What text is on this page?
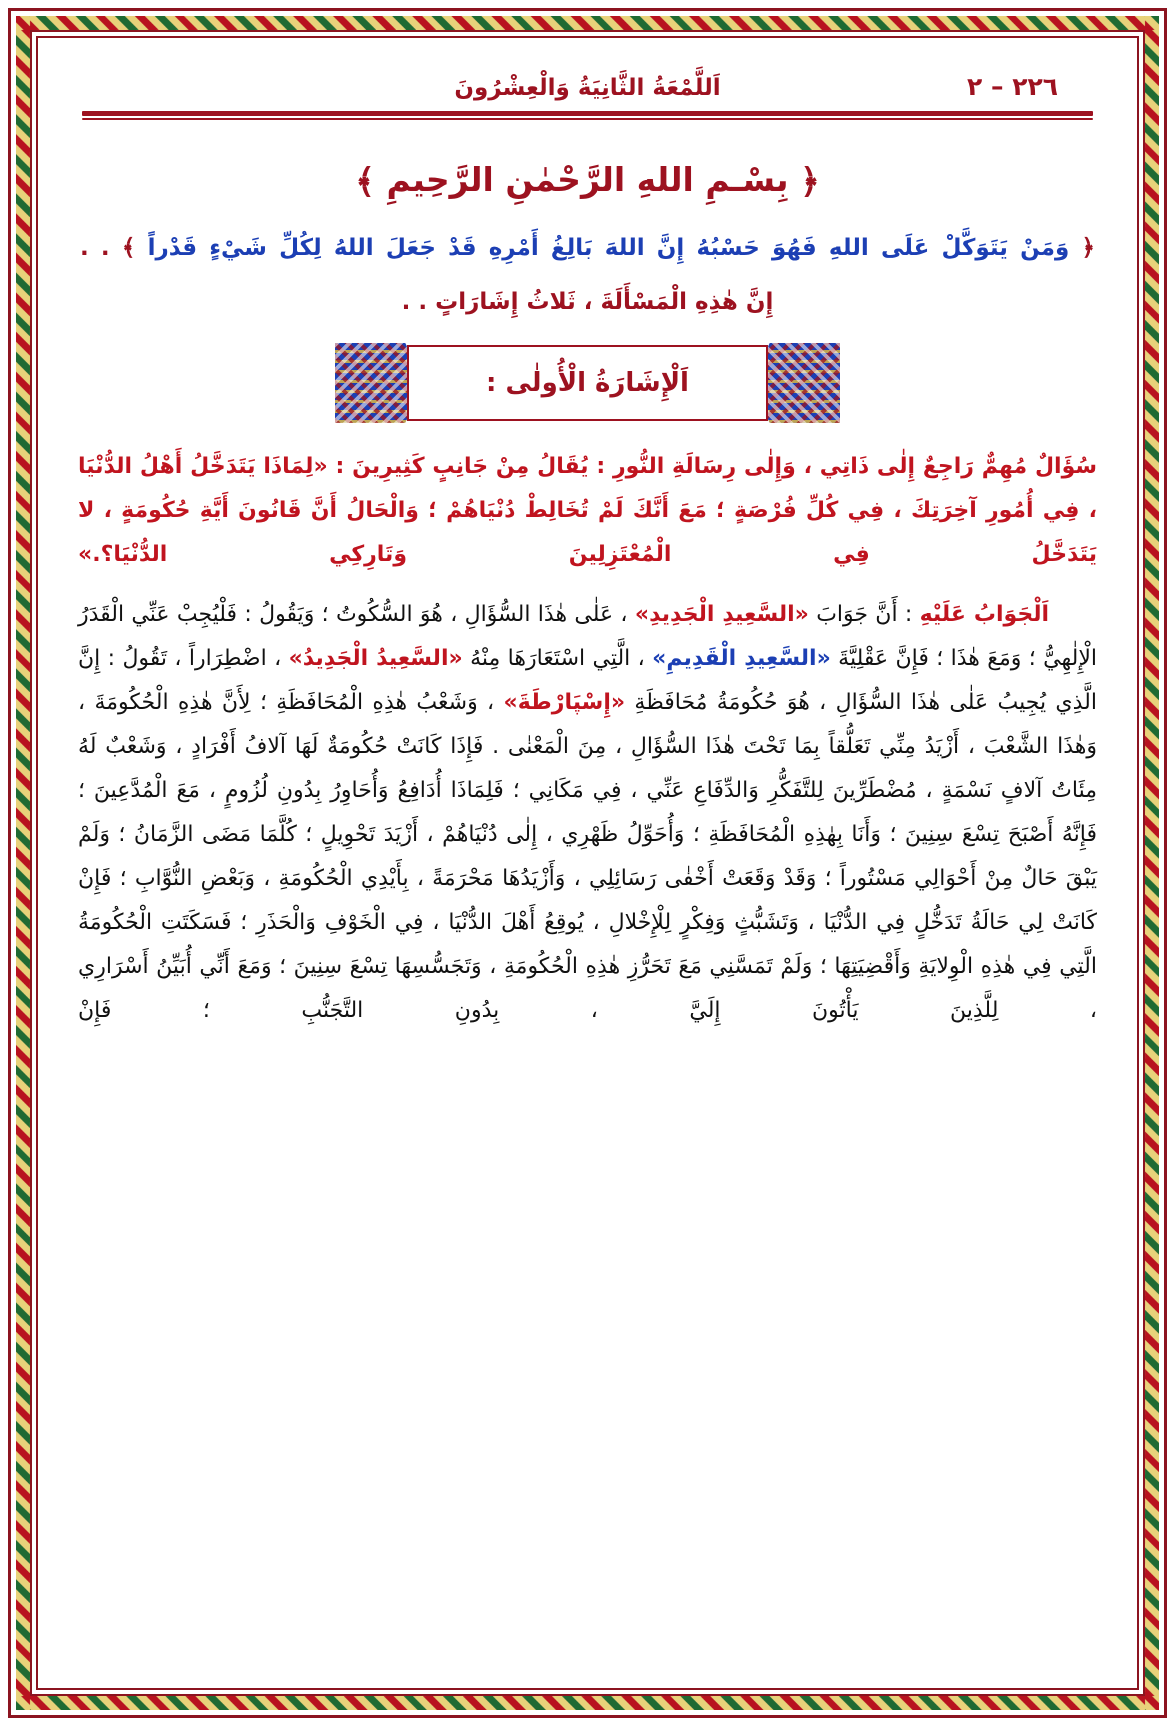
٢٢٦ – ٢
اَللَّمْعَةُ الثَّانِيَةُ وَالْعِشْرُونَ
﴿ بِسْـمِ اللهِ الرَّحْمٰنِ الرَّحِيمِ ﴾
﴿ وَمَنْ يَتَوَكَّلْ عَلَى اللهِ فَهُوَ حَسْبُهُ إِنَّ اللهَ بَالِغُ أَمْرِهِ قَدْ جَعَلَ اللهُ لِكُلِّ شَيْءٍ قَدْراً ﴾ . .
إِنَّ هٰذِهِ الْمَسْأَلَةَ ، ثَلاثُ إِشَارَاتٍ . .
اَلْإِشَارَةُ الْأُولٰى :

سُؤَالٌ مُهِمٌّ رَاجِعٌ إِلٰى ذَاتِي ، وَإِلٰى رِسَالَةِ النُّورِ : يُقَالُ مِنْ جَانِبٍ كَثِيرِينَ : «لِمَاذَا يَتَدَخَّلُ أَهْلُ الدُّنْيَا ، فِي أُمُورِ آخِرَتِكَ ، فِي كُلِّ فُرْصَةٍ ؛ مَعَ أَنَّكَ لَمْ تُخَالِطْ دُنْيَاهُمْ ؛ وَالْحَالُ أَنَّ قَانُونَ أَيَّةِ حُكُومَةٍ ، لا يَتَدَخَّلُ فِي الْمُعْتَزِلِينَ وَتَارِكِي الدُّنْيَا؟.»

اَلْجَوَابُ عَلَيْهِ : أَنَّ جَوَابَ «السَّعِيدِ الْجَدِيدِ» ، عَلٰى هٰذَا السُّؤَالِ ، هُوَ السُّكُوتُ ؛ وَيَقُولُ : فَلْيُجِبْ عَنِّي الْقَدَرُ الْإِلٰهِيُّ ؛ وَمَعَ هٰذَا ؛ فَإِنَّ عَقْلِيَّةَ «السَّعِيدِ الْقَدِيمِ» ، الَّتِي اسْتَعَارَهَا مِنْهُ «السَّعِيدُ الْجَدِيدُ» ، اضْطِرَاراً ، تَقُولُ : إِنَّ الَّذِي يُجِيبُ عَلٰى هٰذَا السُّؤَالِ ، هُوَ حُكُومَةُ مُحَافَظَةِ «إِسْپَارْطَةَ» ، وَشَعْبُ هٰذِهِ الْمُحَافَظَةِ ؛ لِأَنَّ هٰذِهِ الْحُكُومَةَ ، وَهٰذَا الشَّعْبَ ، أَزْيَدُ مِنِّي تَعَلُّقاً بِمَا تَحْتَ هٰذَا السُّؤَالِ ، مِنَ الْمَعْنٰى . فَإِذَا كَانَتْ حُكُومَةٌ لَهَا آلافُ أَفْرَادٍ ، وَشَعْبٌ لَهُ مِئَاتُ آلافٍ نَسْمَةٍ ، مُضْطَرِّينَ لِلتَّفَكُّرِ وَالدِّفَاعِ عَنِّي ، فِي مَكَانِي ؛ فَلِمَاذَا أُدَافِعُ وَأُحَاوِرُ بِدُونِ لُزُومٍ ، مَعَ الْمُدَّعِينَ ؛ فَإِنَّهُ أَصْبَحَ تِسْعَ سِنِينَ ؛ وَأَنَا بِهٰذِهِ الْمُحَافَظَةِ ؛ وَأُحَوِّلُ ظَهْرِي ، إِلٰى دُنْيَاهُمْ ، أَزْيَدَ تَحْوِيلٍ ؛ كُلَّمَا مَضَى الزَّمَانُ ؛ وَلَمْ يَبْقَ حَالٌ مِنْ أَحْوَالِي مَسْتُوراً ؛ وَقَدْ وَقَعَتْ أَخْفٰى رَسَائِلِي ، وَأَزْيَدُهَا مَحْرَمَةً ، بِأَيْدِي الْحُكُومَةِ ، وَبَعْضِ النُّوَّابِ ؛ فَإِنْ كَانَتْ لِي حَالَةُ تَدَخُّلٍ فِي الدُّنْيَا ، وَتَشَبُّثٍ وَفِكْرٍ لِلْإِخْلالِ ، يُوقِعُ أَهْلَ الدُّنْيَا ، فِي الْخَوْفِ وَالْحَذَرِ ؛ فَسَكَتَتِ الْحُكُومَةُ الَّتِي فِي هٰذِهِ الْوِلايَةِ وَأَقْضِيَتِهَا ؛ وَلَمْ تَمَسَّنِي مَعَ تَحَرُّزِ هٰذِهِ الْحُكُومَةِ ، وَتَجَسُّسِهَا تِسْعَ سِنِينَ ؛ وَمَعَ أَنِّي أُبَيِّنُ أَسْرَارِي ، لِلَّذِينَ يَأْتُونَ إِلَيَّ ، بِدُونِ التَّجَنُّبِ ؛ فَإِنْ
